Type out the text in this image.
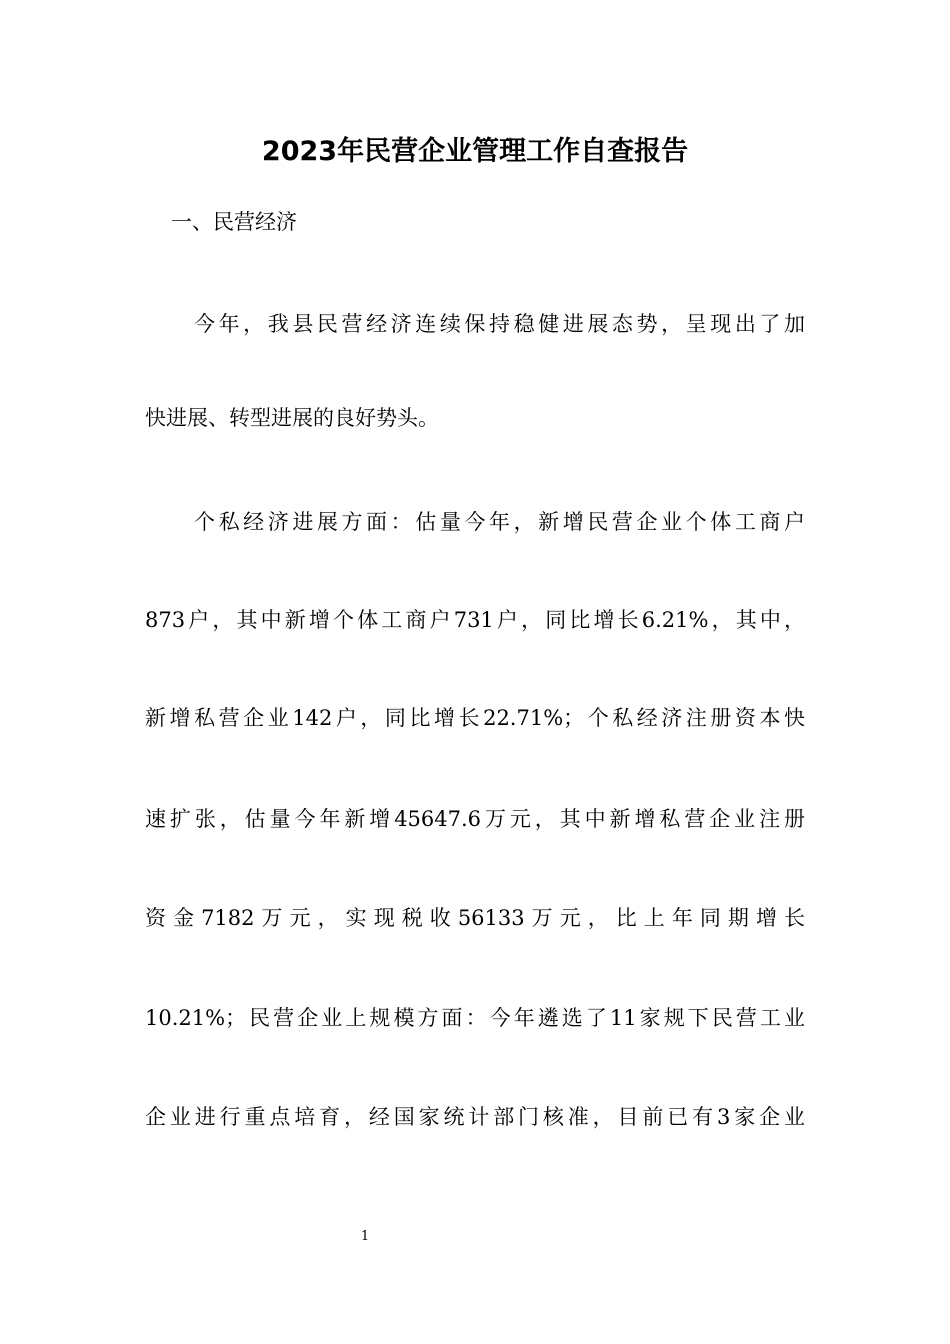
2023年民营企业管理工作自查报告

一、民营经济

今年，我县民营经济连续保持稳健进展态势，呈现出了加

快进展、转型进展的良好势头。

个私经济进展方面：估量今年，新增民营企业个体工商户

873户，其中新增个体工商户731户，同比增长6.21%，其中，

新增私营企业142户，同比增长22.71%；个私经济注册资本快

速扩张，估量今年新增45647.6万元，其中新增私营企业注册

资金7182万元，实现税收56133万元，比上年同期增长

10.21%；民营企业上规模方面：今年遴选了11家规下民营工业

企业进行重点培育，经国家统计部门核准，目前已有3家企业

1
